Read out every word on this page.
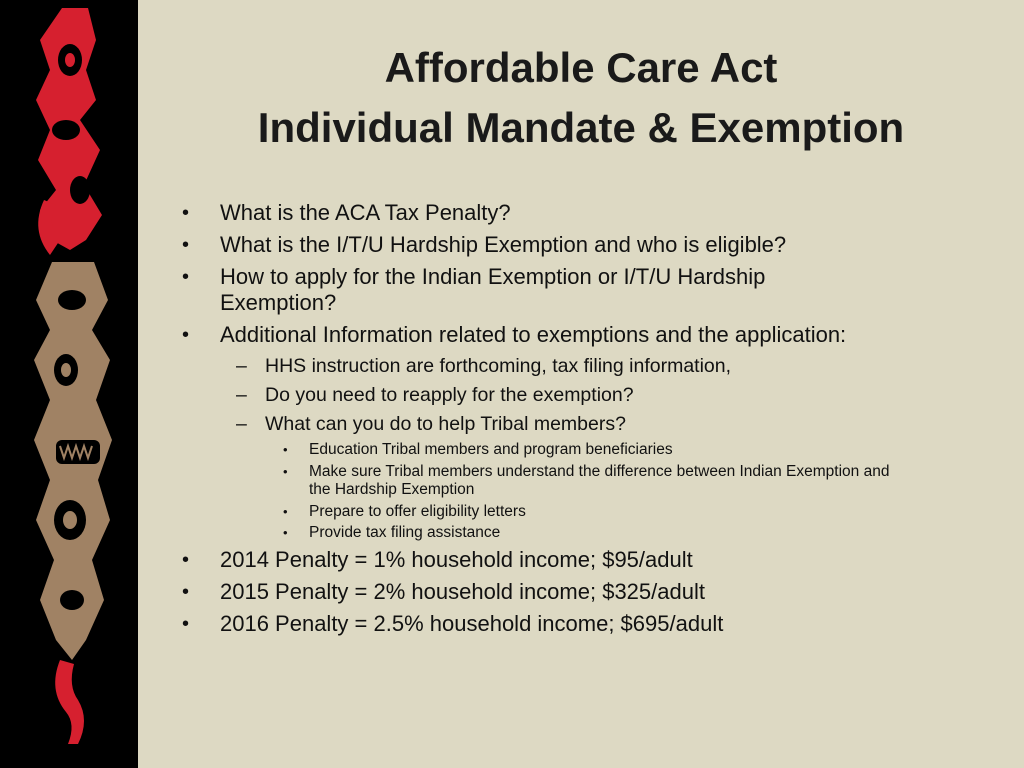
Affordable Care Act
Individual Mandate & Exemption
• What is the ACA Tax Penalty?
• What is the I/T/U Hardship Exemption and who is eligible?
• How to apply for the Indian Exemption or I/T/U Hardship
Exemption?
• Additional Information related to exemptions and the application:
– HHS instruction are forthcoming, tax filing information,
– Do you need to reapply for the exemption?
– What can you do to help Tribal members?
• Education Tribal members and program beneficiaries
• Make sure Tribal members understand the difference between Indian Exemption and
the Hardship Exemption
• Prepare to offer eligibility letters
• Provide tax filing assistance
• 2014 Penalty = 1% household income; $95/adult
• 2015 Penalty = 2% household income; $325/adult
• 2016 Penalty = 2.5% household income; $695/adult
